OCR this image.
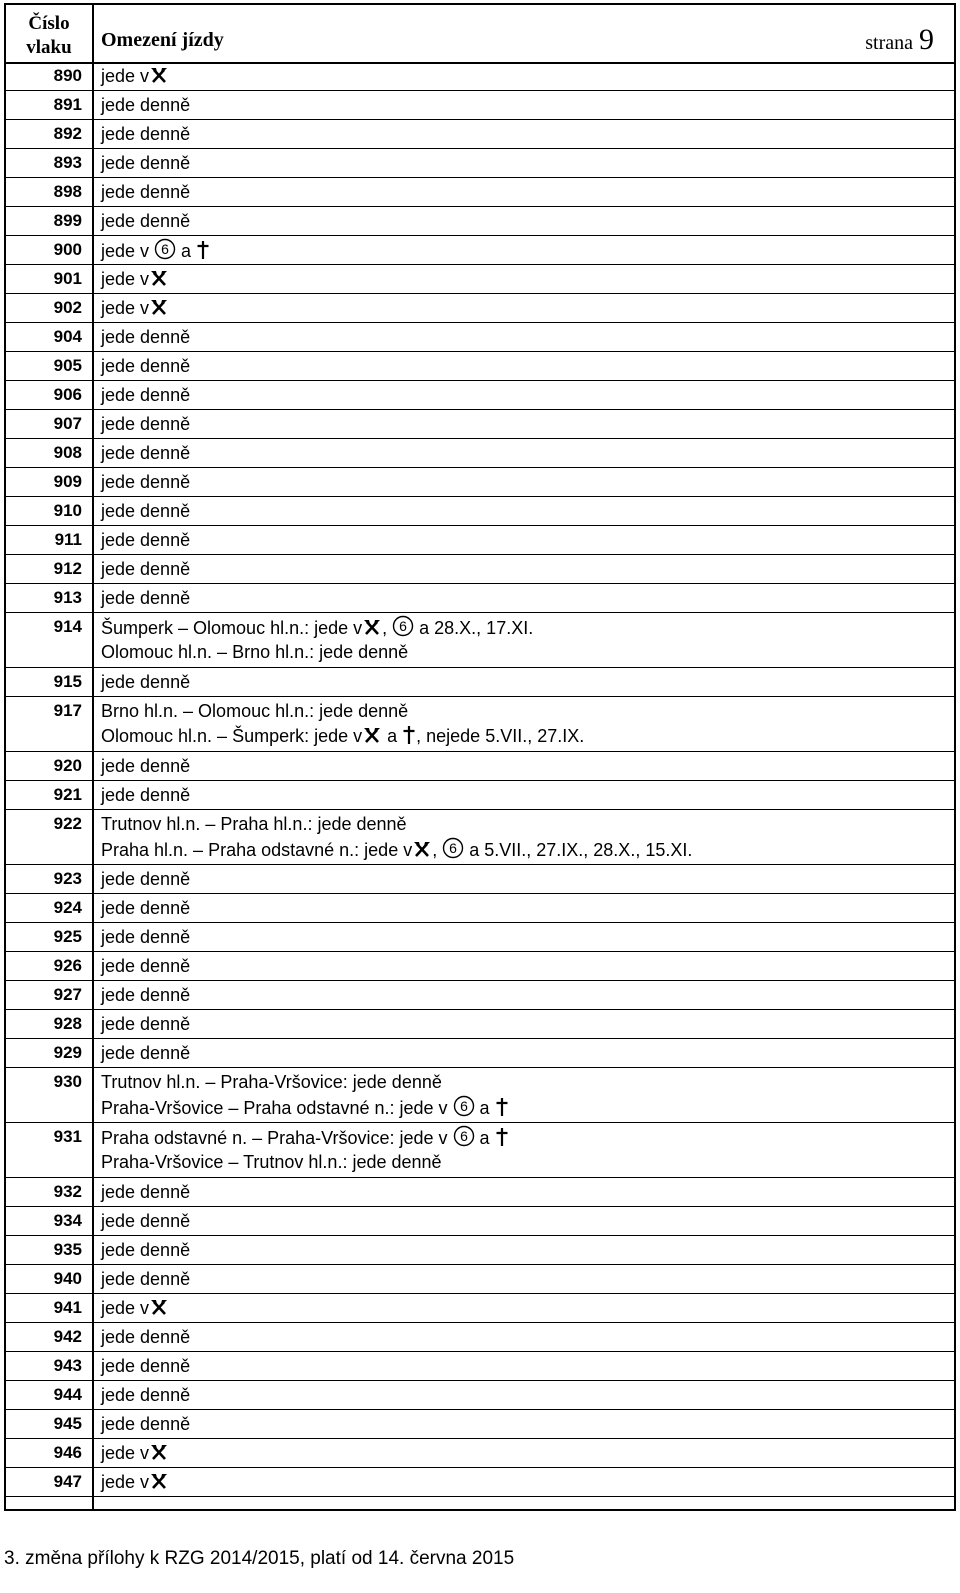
Číslo
vlaku	Omezení jízdy	strana 9
890	jede v
891	jede denně
892	jede denně
893	jede denně
898	jede denně
899	jede denně
900	jede v 6 a
901	jede v
902	jede v
904	jede denně
905	jede denně
906	jede denně
907	jede denně
908	jede denně
909	jede denně
910	jede denně
911	jede denně
912	jede denně
913	jede denně
914	Šumperk – Olomouc hl.n.: jede v , 6 a 28.X., 17.XI.
Olomouc hl.n. – Brno hl.n.: jede denně
915	jede denně
917	Brno hl.n. – Olomouc hl.n.: jede denně
Olomouc hl.n. – Šumperk: jede v a , nejede 5.VII., 27.IX.
920	jede denně
921	jede denně
922	Trutnov hl.n. – Praha hl.n.: jede denně
Praha hl.n. – Praha odstavné n.: jede v , 6 a 5.VII., 27.IX., 28.X., 15.XI.
923	jede denně
924	jede denně
925	jede denně
926	jede denně
927	jede denně
928	jede denně
929	jede denně
930	Trutnov hl.n. – Praha-Vršovice: jede denně
Praha-Vršovice – Praha odstavné n.: jede v 6 a
931	Praha odstavné n. – Praha-Vršovice: jede v 6 a
Praha-Vršovice – Trutnov hl.n.: jede denně
932	jede denně
934	jede denně
935	jede denně
940	jede denně
941	jede v
942	jede denně
943	jede denně
944	jede denně
945	jede denně
946	jede v
947	jede v
3. změna přílohy k RZG 2014/2015, platí od 14. června 2015
